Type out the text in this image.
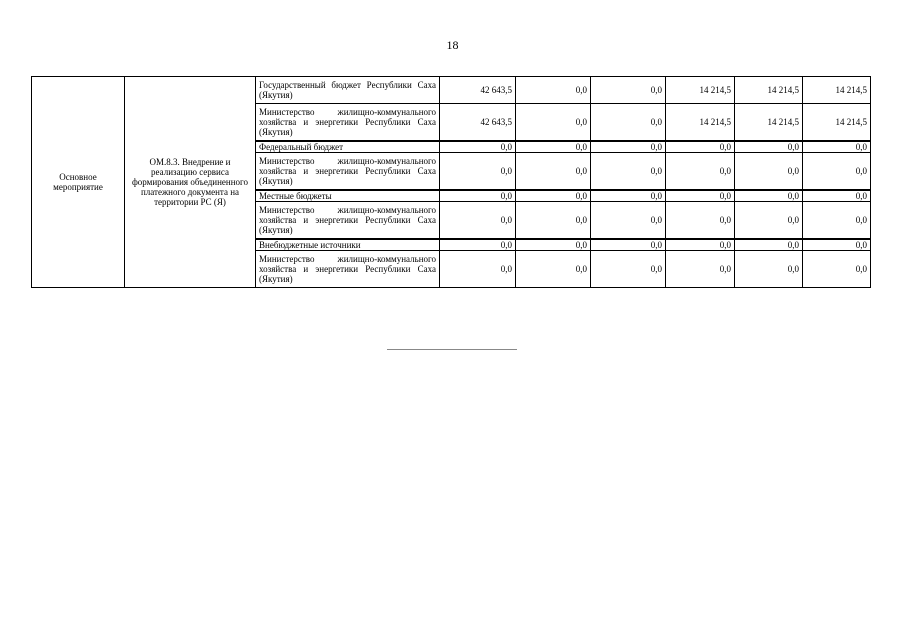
18
Основное мероприятие	ОМ.8.3. Внедрение и реализацию сервиса формирования объединенного платежного документа на территории РС (Я)	Государственный бюджет Республики Саха (Якутия)	42 643,5	0,0	0,0	14 214,5	14 214,5	14 214,5
		Министерство жилищно-коммунального хозяйства и энергетики Республики Саха (Якутия)	42 643,5	0,0	0,0	14 214,5	14 214,5	14 214,5
		Федеральный бюджет	0,0	0,0	0,0	0,0	0,0	0,0
		Министерство жилищно-коммунального хозяйства и энергетики Республики Саха (Якутия)	0,0	0,0	0,0	0,0	0,0	0,0
		Местные бюджеты	0,0	0,0	0,0	0,0	0,0	0,0
		Министерство жилищно-коммунального хозяйства и энергетики Республики Саха (Якутия)	0,0	0,0	0,0	0,0	0,0	0,0
		Внебюджетные источники	0,0	0,0	0,0	0,0	0,0	0,0
		Министерство жилищно-коммунального хозяйства и энергетики Республики Саха (Якутия)	0,0	0,0	0,0	0,0	0,0	0,0
